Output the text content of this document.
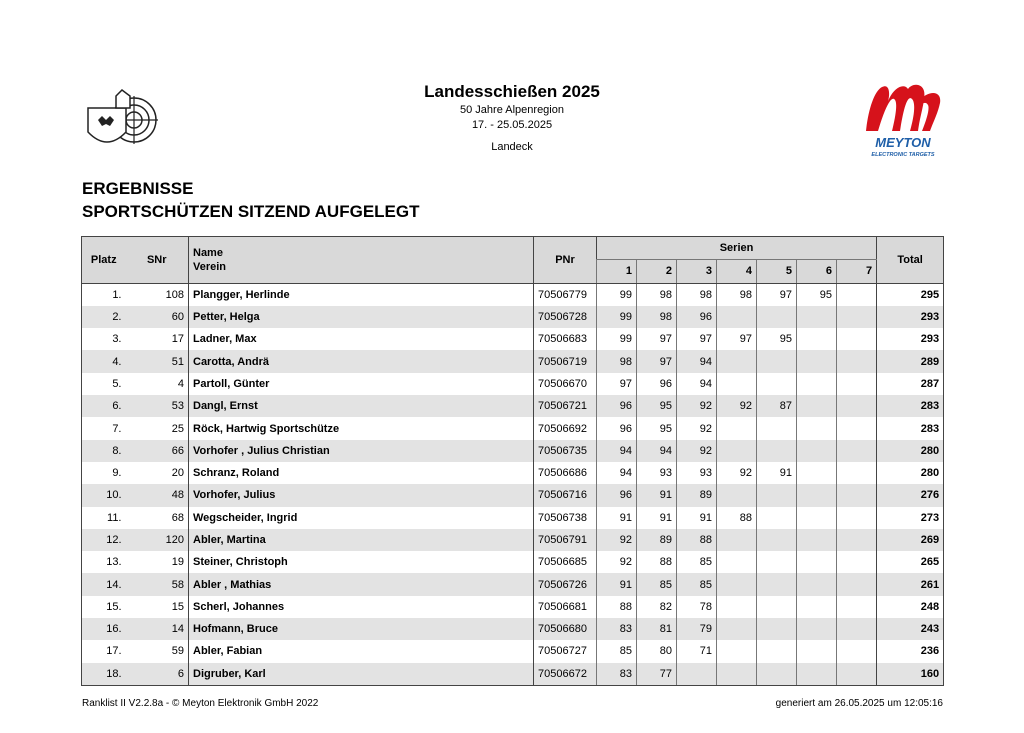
Landesschießen 2025
50 Jahre Alpenregion
17. - 25.05.2025
Landeck	MEYTON
ELECTRONIC TARGETS
ERGEBNISSE
SPORTSCHÜTZEN SITZEND AUFGELEGT
Platz	SNr	Name
Verein	PNr	Serien							Total
				1	2	3	4	5	6	7	
1.	108	Plangger, Herlinde	70506779	99	98	98	98	97	95		295
2.	60	Petter, Helga	70506728	99	98	96					293
3.	17	Ladner, Max	70506683	99	97	97	97	95			293
4.	51	Carotta, Andrä	70506719	98	97	94					289
5.	4	Partoll, Günter	70506670	97	96	94					287
6.	53	Dangl, Ernst	70506721	96	95	92	92	87			283
7.	25	Röck, Hartwig Sportschütze	70506692	96	95	92					283
8.	66	Vorhofer , Julius Christian	70506735	94	94	92					280
9.	20	Schranz, Roland	70506686	94	93	93	92	91			280
10.	48	Vorhofer, Julius	70506716	96	91	89					276
11.	68	Wegscheider, Ingrid	70506738	91	91	91	88				273
12.	120	Abler, Martina	70506791	92	89	88					269
13.	19	Steiner, Christoph	70506685	92	88	85					265
14.	58	Abler , Mathias	70506726	91	85	85					261
15.	15	Scherl, Johannes	70506681	88	82	78					248
16.	14	Hofmann, Bruce	70506680	83	81	79					243
17.	59	Abler, Fabian	70506727	85	80	71					236
18.	6	Digruber, Karl	70506672	83	77						160
Ranklist II V2.2.8a - © Meyton Elektronik GmbH 2022	generiert am 26.05.2025 um 12:05:16
